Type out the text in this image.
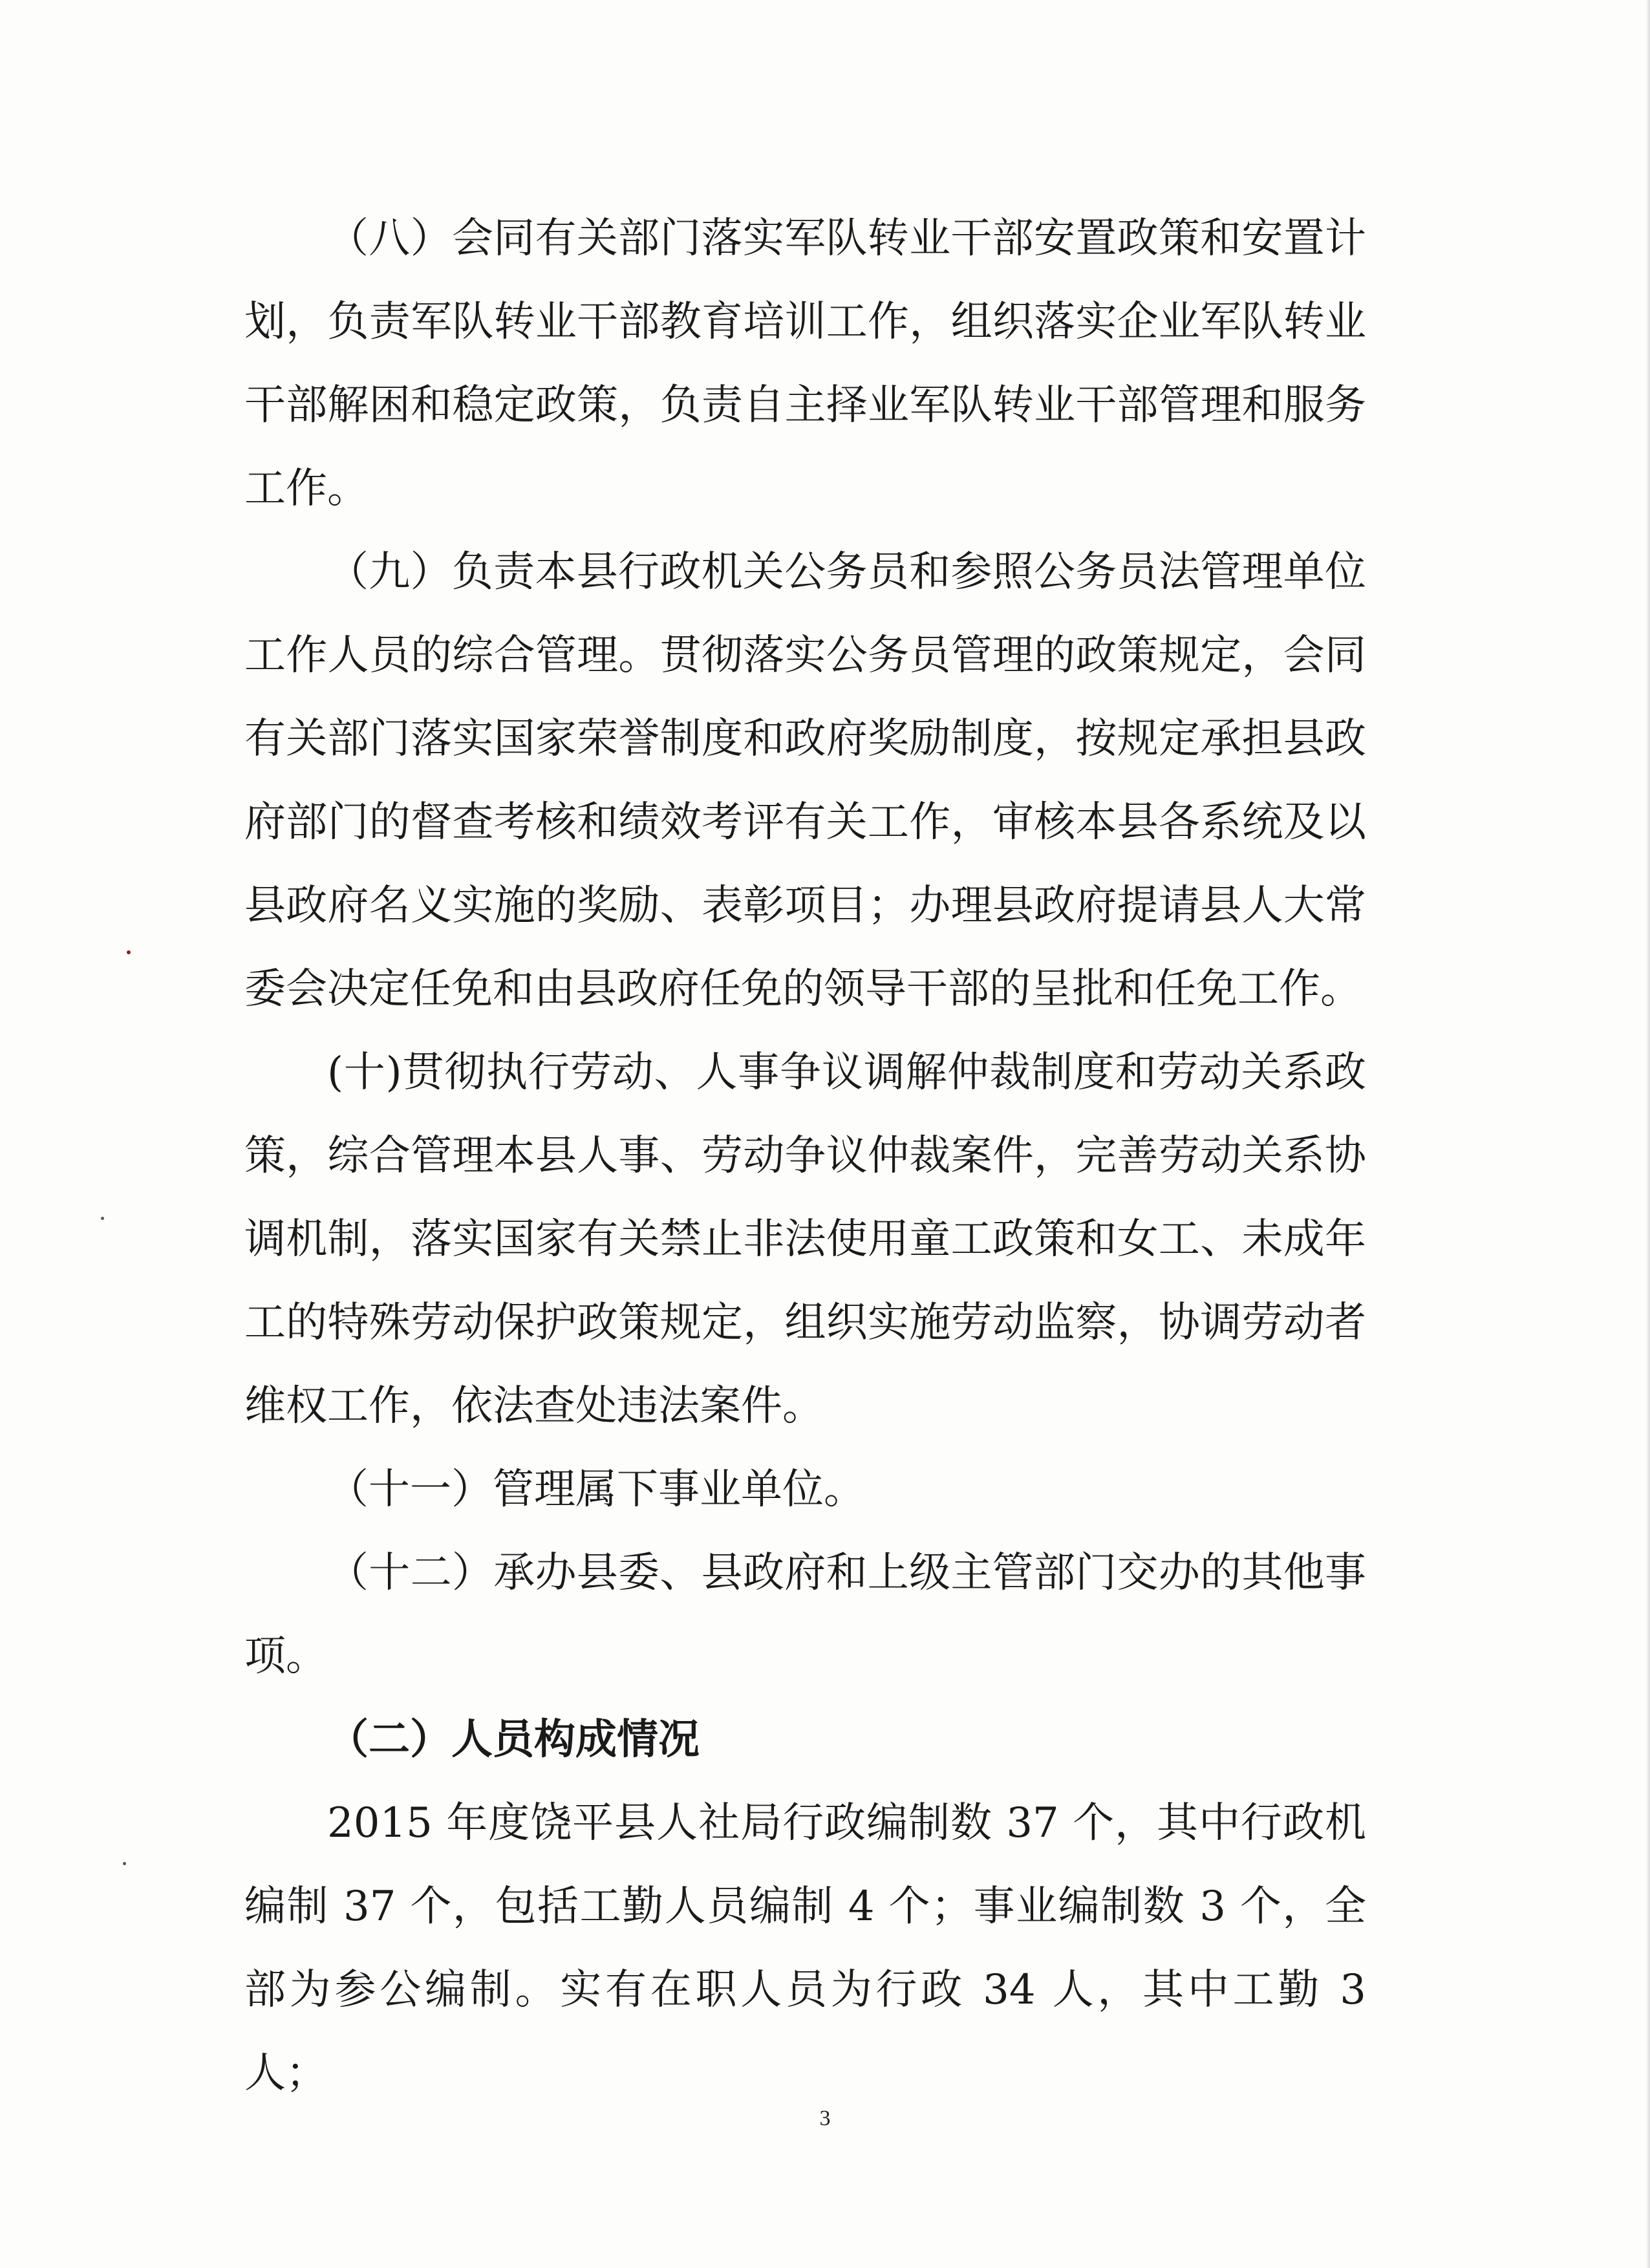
（八）会同有关部门落实军队转业干部安置政策和安置计划，负责军队转业干部教育培训工作，组织落实企业军队转业干部解困和稳定政策，负责自主择业军队转业干部管理和服务工作。

（九）负责本县行政机关公务员和参照公务员法管理单位工作人员的综合管理。贯彻落实公务员管理的政策规定，会同有关部门落实国家荣誉制度和政府奖励制度，按规定承担县政府部门的督查考核和绩效考评有关工作，审核本县各系统及以县政府名义实施的奖励、表彰项目；办理县政府提请县人大常委会决定任免和由县政府任免的领导干部的呈批和任免工作。

(十)贯彻执行劳动、人事争议调解仲裁制度和劳动关系政策，综合管理本县人事、劳动争议仲裁案件，完善劳动关系协调机制，落实国家有关禁止非法使用童工政策和女工、未成年工的特殊劳动保护政策规定，组织实施劳动监察，协调劳动者维权工作，依法查处违法案件。

（十一）管理属下事业单位。

（十二）承办县委、县政府和上级主管部门交办的其他事项。

（二）人员构成情况

2015 年度饶平县人社局行政编制数 37 个，其中行政机编制 37 个，包括工勤人员编制 4 个；事业编制数 3 个，全部为参公编制。实有在职人员为行政 34 人，其中工勤 3 人；

3
